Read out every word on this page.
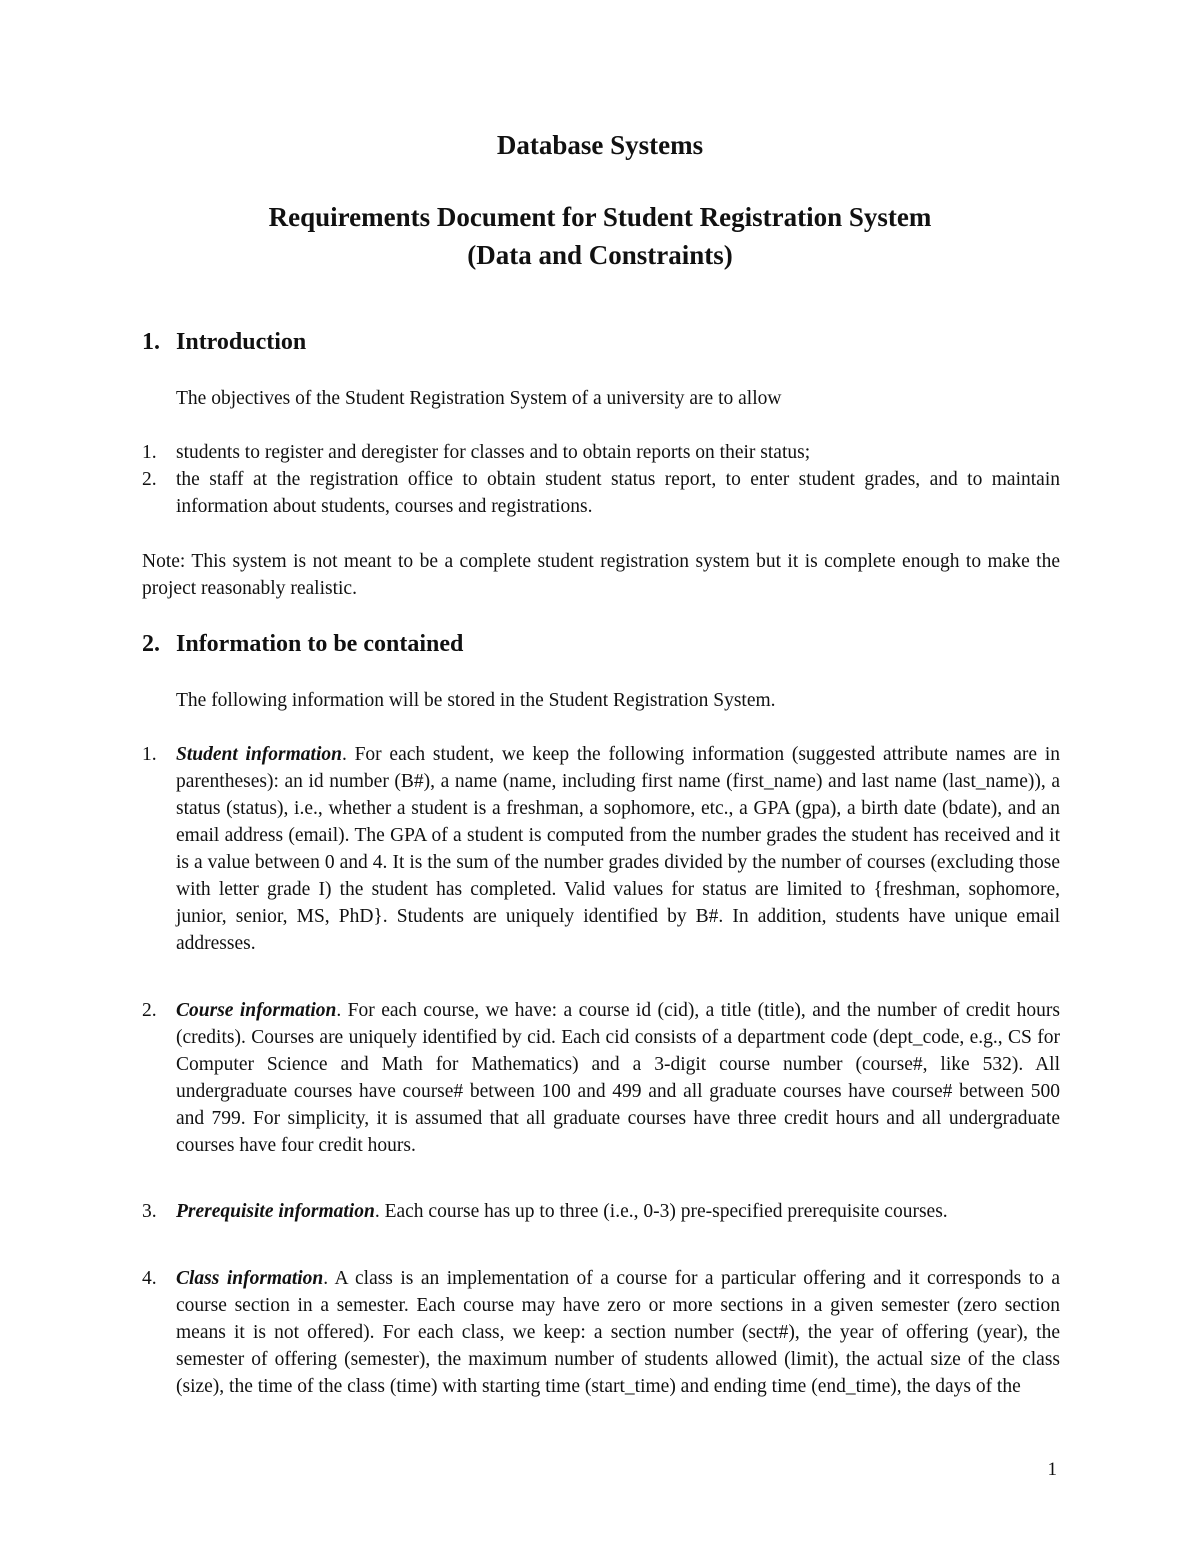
Database Systems
Requirements Document for Student Registration System
(Data and Constraints)
1. Introduction
The objectives of the Student Registration System of a university are to allow
1. students to register and deregister for classes and to obtain reports on their status;
2. the staff at the registration office to obtain student status report, to enter student grades, and to maintain information about students, courses and registrations.
Note: This system is not meant to be a complete student registration system but it is complete enough to make the project reasonably realistic.
2. Information to be contained
The following information will be stored in the Student Registration System.
1. Student information. For each student, we keep the following information (suggested attribute names are in parentheses): an id number (B#), a name (name, including first name (first_name) and last name (last_name)), a status (status), i.e., whether a student is a freshman, a sophomore, etc., a GPA (gpa), a birth date (bdate), and an email address (email). The GPA of a student is computed from the number grades the student has received and it is a value between 0 and 4. It is the sum of the number grades divided by the number of courses (excluding those with letter grade I) the student has completed. Valid values for status are limited to {freshman, sophomore, junior, senior, MS, PhD}. Students are uniquely identified by B#. In addition, students have unique email addresses.
2. Course information. For each course, we have: a course id (cid), a title (title), and the number of credit hours (credits). Courses are uniquely identified by cid. Each cid consists of a department code (dept_code, e.g., CS for Computer Science and Math for Mathematics) and a 3-digit course number (course#, like 532). All undergraduate courses have course# between 100 and 499 and all graduate courses have course# between 500 and 799. For simplicity, it is assumed that all graduate courses have three credit hours and all undergraduate courses have four credit hours.
3. Prerequisite information. Each course has up to three (i.e., 0-3) pre-specified prerequisite courses.
4. Class information. A class is an implementation of a course for a particular offering and it corresponds to a course section in a semester. Each course may have zero or more sections in a given semester (zero section means it is not offered). For each class, we keep: a section number (sect#), the year of offering (year), the semester of offering (semester), the maximum number of students allowed (limit), the actual size of the class (size), the time of the class (time) with starting time (start_time) and ending time (end_time), the days of the
1
